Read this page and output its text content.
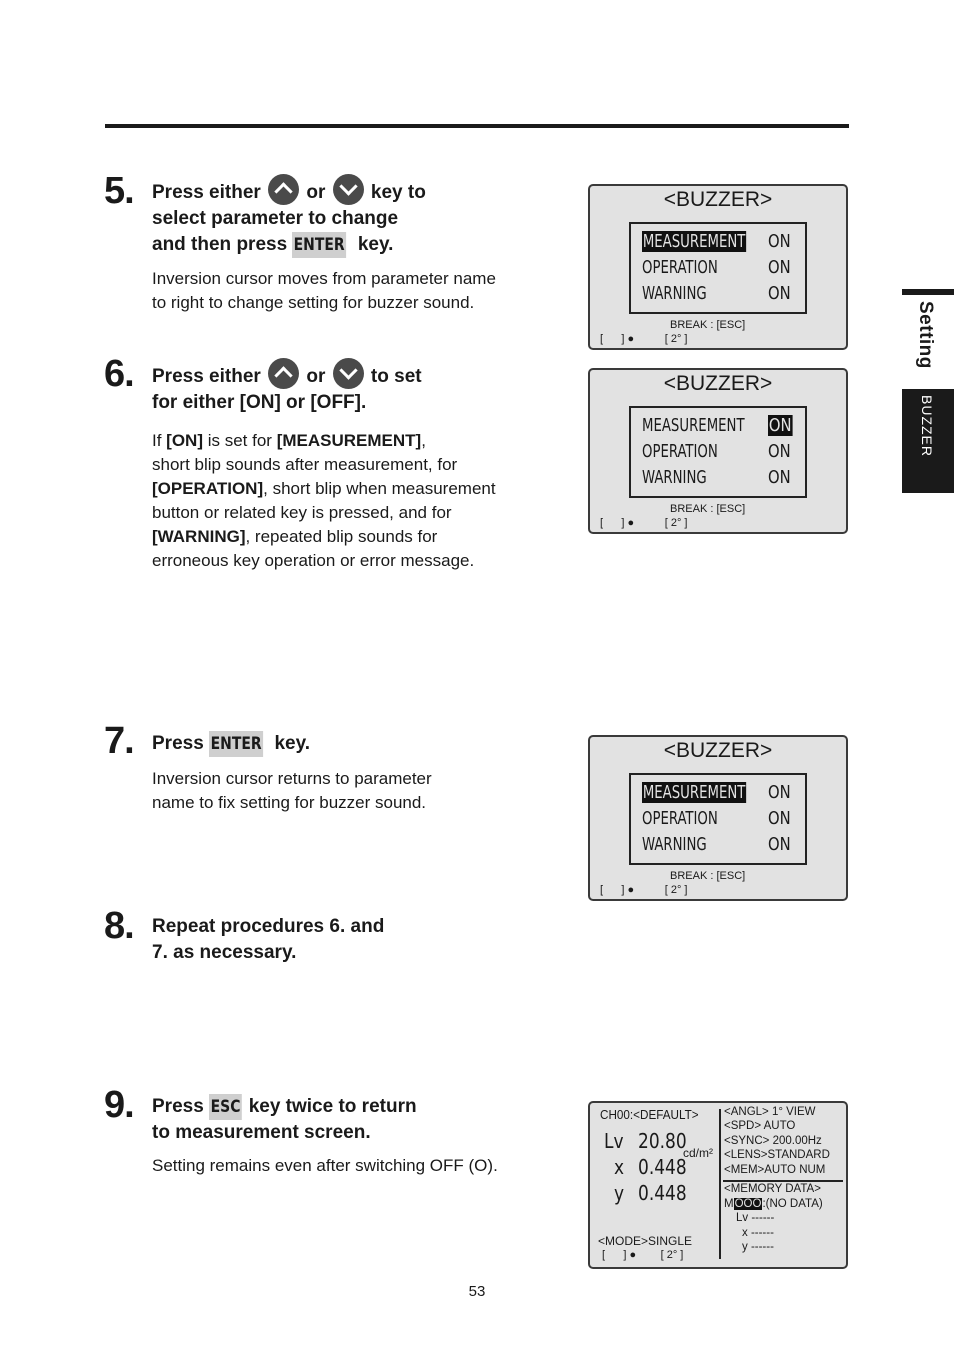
5. Press either or key to
select parameter to change
and then press ENTER key.
Inversion cursor moves from parameter name
to right to change setting for buzzer sound.
6. Press either or to set
for either [ON] or [OFF].
If [ON] is set for [MEASUREMENT],
short blip sounds after measurement, for
[OPERATION], short blip when measurement
button or related key is pressed, and for
[WARNING], repeated blip sounds for
erroneous key operation or error message.
7. Press ENTER key.
Inversion cursor returns to parameter
name to fix setting for buzzer sound.
8. Repeat procedures 6. and
7. as necessary.
9. Press ESC key twice to return
to measurement screen.
Setting remains even after switching OFF (O).
<BUZZER>
MEASUREMENT
OPERATION
WARNING
ON
ON
ON
BREAK : [ESC]
[      ] ●          [ 2° ]
<BUZZER>
MEASUREMENT
OPERATION
WARNING
ON
ON
ON
BREAK : [ESC]
[      ] ●          [ 2° ]
<BUZZER>
MEASUREMENT
OPERATION
WARNING
ON
ON
ON
BREAK : [ESC]
[      ] ●          [ 2° ]
CH00:<DEFAULT>
Lv 20.80
cd/m²
x 0.448
y 0.448
<ANGL> 1° VIEW
<SPD> AUTO
<SYNC> 200.00Hz
<LENS>STANDARD
<MEM>AUTO NUM
<MEMORY DATA>
MOOO:(NO DATA)
Lv ------
x ------
y ------
<MODE>SINGLE
[      ] ●        [ 2° ]
Setting
BUZZER
53
